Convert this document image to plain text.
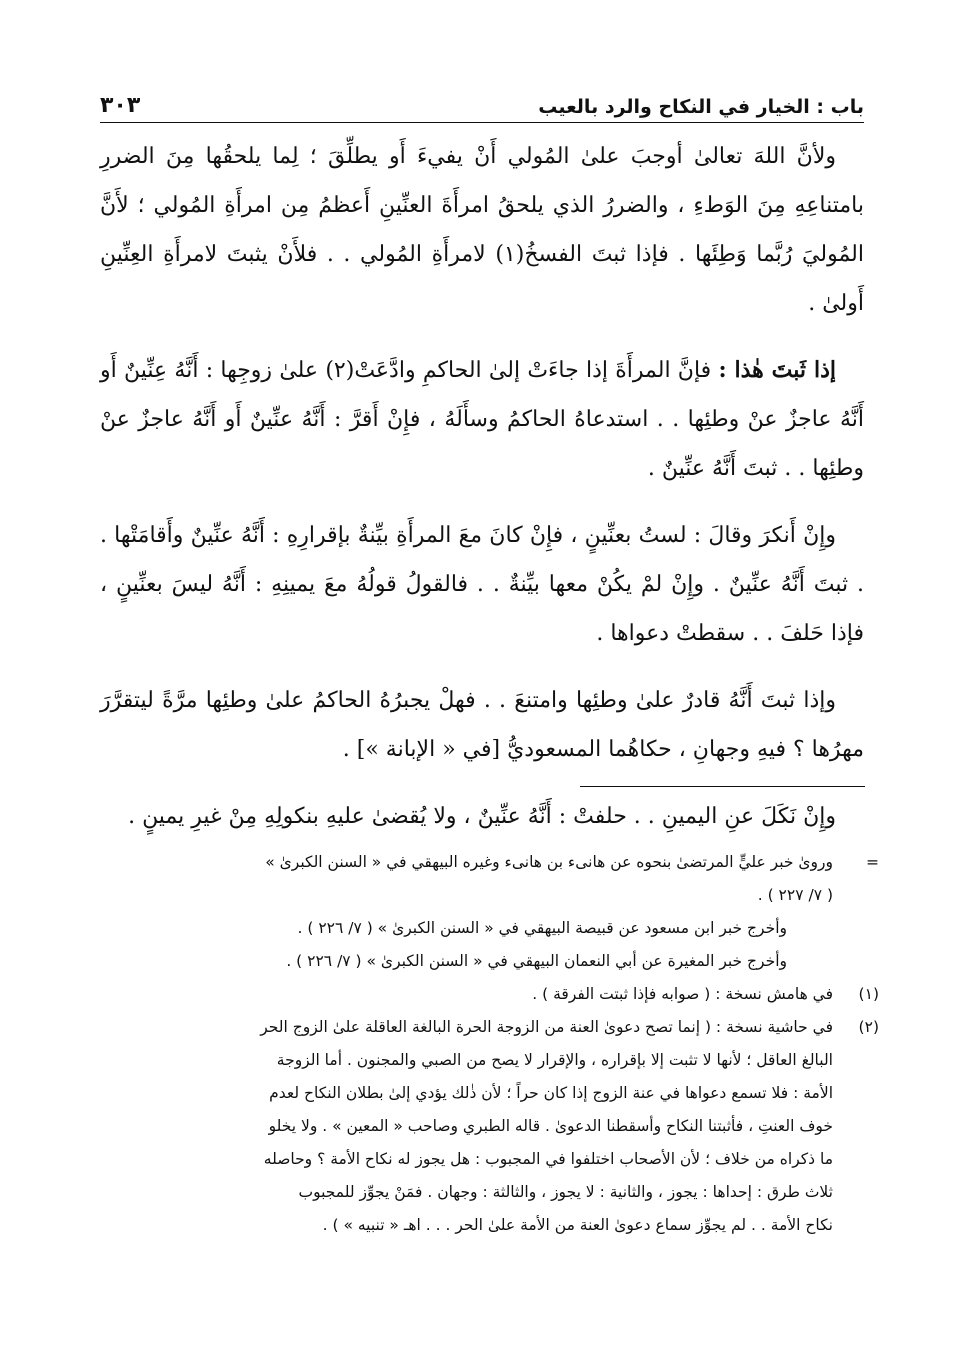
باب : الخيار في النكاح والرد بالعيب
٣٠٣

ولأنَّ اللهَ تعالىٰ أوجبَ علىٰ المُولي أَنْ يفيءَ أَو يطلِّقَ ؛ لِما يلحقُها مِنَ الضررِ بامتناعِهِ مِنَ الوَطءِ ، والضررُ الذي يلحقُ امرأَةَ العنِّينِ أَعظمُ مِن امرأَةِ المُولي ؛ لأَنَّ المُوليَ رُبَّما وَطِئَها . فإذا ثبتَ الفسخُ(١) لامرأَةِ المُولي . . فلأَنْ يثبتَ لامرأَةِ العِنِّينِ أَولىٰ .

إذا ثَبتَ هٰذا : فإنَّ المرأَةَ إذا جاءَتْ إلىٰ الحاكمِ وادَّعَتْ(٢) علىٰ زوجِها : أَنَّهُ عِنِّينٌ أَو أَنَّهُ عاجزٌ عنْ وطئِها . . استدعاهُ الحاكمُ وسأَلَهُ ، فإِنْ أَقرَّ : أَنَّهُ عنِّينٌ أَو أَنَّهُ عاجزٌ عنْ وطئِها . . ثبتَ أَنَّهُ عنِّينٌ .

وإِنْ أَنكرَ وقالَ : لستُ بعنِّينٍ ، فإِنْ كانَ معَ المرأَةِ بيِّنةٌ بإقرارِهِ : أَنَّهُ عنِّينٌ وأَقامَتْها . . ثبتَ أَنَّهُ عنِّينٌ . وإِنْ لمْ يكُنْ معها بيِّنةٌ . . فالقولُ قولُهُ معَ يمينِهِ : أَنَّهُ ليسَ بعنِّينٍ ، فإذا حَلفَ . . سقطتْ دعواها .

وإذا ثبتَ أَنَّهُ قادرٌ علىٰ وطئِها وامتنعَ . . فهلْ يجبرُهُ الحاكمُ علىٰ وطئِها مرَّةً ليتقرَّرَ مهرُها ؟ فيهِ وجهانِ ، حكاهُما المسعوديُّ [في « الإبانة »] .

وإِنْ نَكَلَ عنِ اليمينِ . . حلفتْ : أَنَّهُ عنِّينٌ ، ولا يُقضىٰ عليهِ بنكولِهِ مِنْ غيرِ يمينٍ .

=
ورویٰ خبر عليٍّ المرتضیٰ بنحوه عن هانیء بن هانیء وغيره البيهقي في « السنن الكبریٰ »
( ٧/ ٢٢٧ ) .
وأخرج خبر ابن مسعود عن قبيصة البيهقي في « السنن الكبریٰ » ( ٧/ ٢٢٦ ) .
وأخرج خبر المغيرة عن أبي النعمان البيهقي في « السنن الكبریٰ » ( ٧/ ٢٢٦ ) .
(١)
في هامش نسخة : ( صوابه فإذا ثبتت الفرقة ) .
(٢)
في حاشية نسخة : ( إنما تصح دعویٰ العنة من الزوجة الحرة البالغة العاقلة علیٰ الزوج الحر
البالغ العاقل ؛ لأنها لا تثبت إلا بإقراره ، والإقرار لا يصح من الصبي والمجنون . أما الزوجة
الأمة : فلا تسمع دعواها في عنة الزوج إذا كان حراً ؛ لأن ذٰلك يؤدي إلیٰ بطلان النكاح لعدم
خوف العنتِ ، فأثبتنا النكاح وأسقطنا الدعویٰ . قاله الطبري وصاحب « المعين » . ولا يخلو
ما ذكراه من خلاف ؛ لأن الأصحاب اختلفوا في المجبوب : هل يجوز له نكاح الأمة ؟ وحاصله
ثلاث طرق : إحداها : يجوز ، والثانية : لا يجوز ، والثالثة : وجهان . فمَنْ يجوِّز للمجبوب
نكاح الأمة . . لم يجوِّز سماع دعویٰ العنة من الأمة علیٰ الحر . . . اهـ « تنبيه » ) .
